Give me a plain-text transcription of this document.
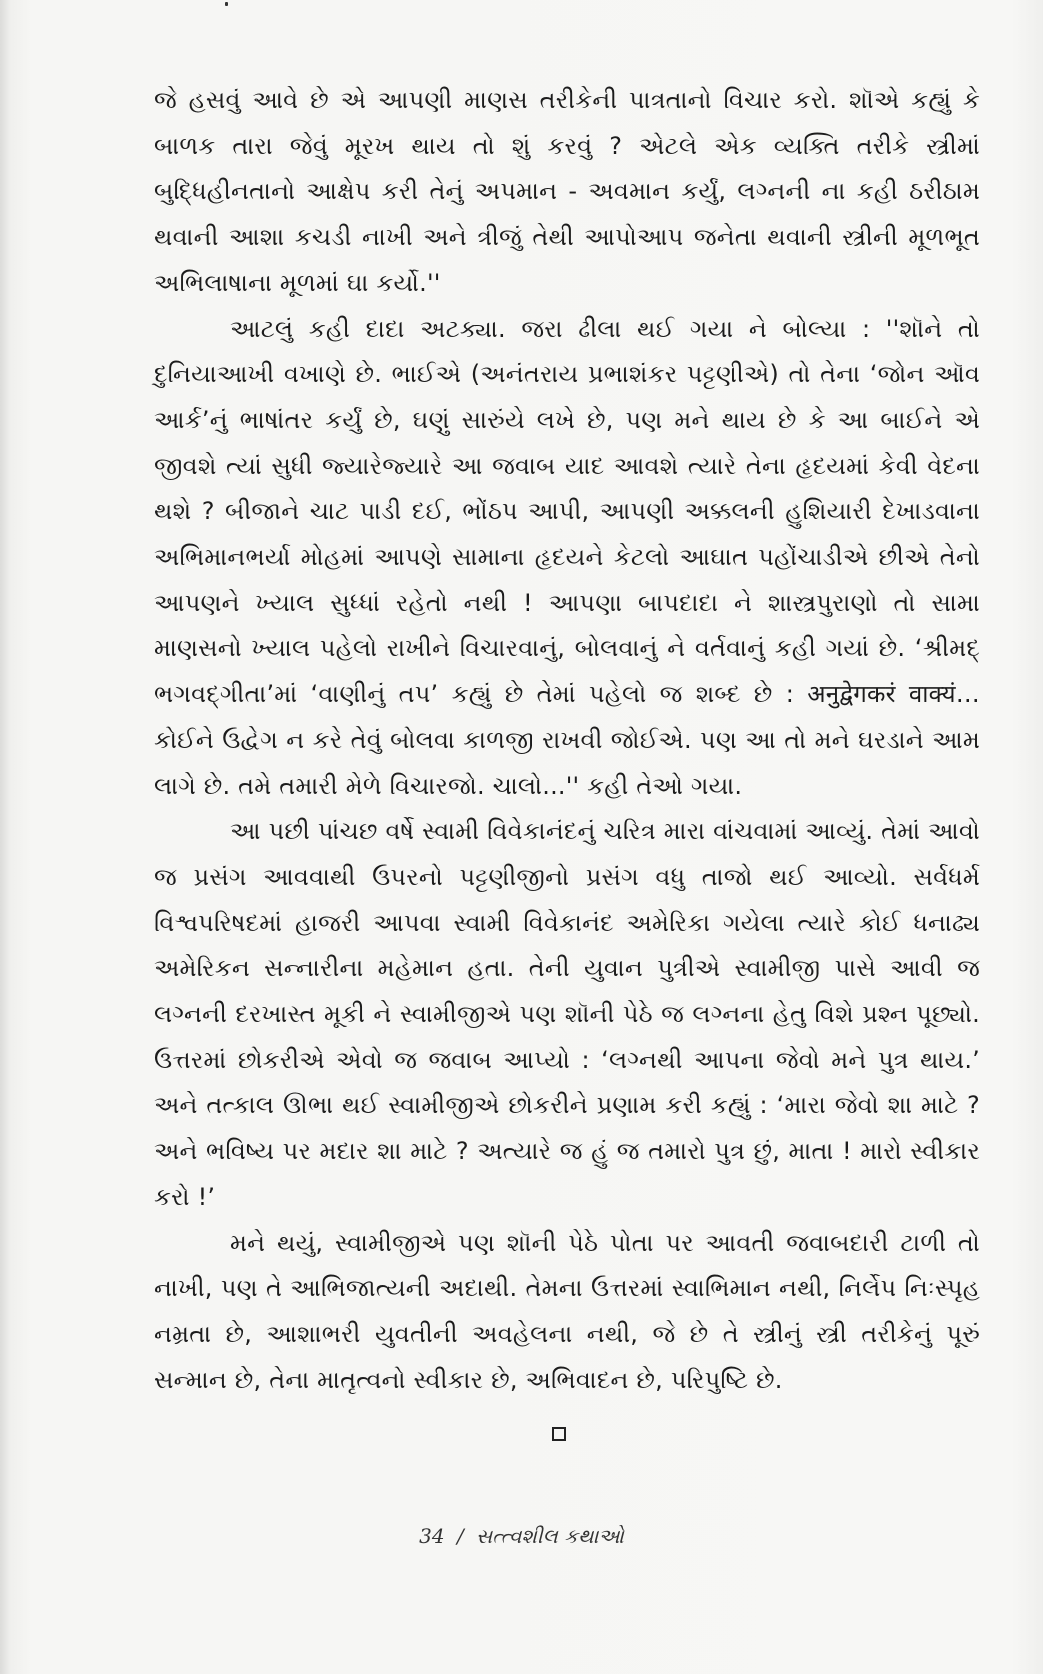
જે હસવું આવે છે એ આપણી માણસ તરીકેની પાત્રતાનો વિચાર કરો. શૉએ કહ્યું કે બાળક તારા જેવું મૂરખ થાય તો શું કરવું ? એટલે એક વ્યક્તિ તરીકે સ્ત્રીમાં બુદ્ધિહીનતાનો આક્ષેપ કરી તેનું અપમાન - અવમાન કર્યું, લગ્નની ના કહી ઠરીઠામ થવાની આશા કચડી નાખી અને ત્રીજું તેથી આપોઆપ જનેતા થવાની સ્ત્રીની મૂળભૂત અભિલાષાના મૂળમાં ઘા કર્યો.''

આટલું કહી દાદા અટક્યા. જરા ઢીલા થઈ ગયા ને બોલ્યા : ''શૉને તો દુનિયાઆખી વખાણે છે. ભાઈએ (અનંતરાય પ્રભાશંકર પટ્ટણીએ) તો તેના ‘જોન ઑવ આર્ક’નું ભાષાંતર કર્યું છે, ઘણું સારુંયે લખે છે, પણ મને થાય છે કે આ બાઈને એ જીવશે ત્યાં સુધી જ્યારેજ્યારે આ જવાબ યાદ આવશે ત્યારે તેના હૃદયમાં કેવી વેદના થશે ? બીજાને ચાટ પાડી દઈ, ભોંઠપ આપી, આપણી અક્કલની હુશિયારી દેખાડવાના અભિમાનભર્યા મોહમાં આપણે સામાના હૃદયને કેટલો આઘાત પહોંચાડીએ છીએ તેનો આપણને ખ્યાલ સુધ્ધાં રહેતો નથી ! આપણા બાપદાદા ને શાસ્ત્રપુરાણો તો સામા માણસનો ખ્યાલ પહેલો રાખીને વિચારવાનું, બોલવાનું ને વર્તવાનું કહી ગયાં છે. ‘શ્રીમદ્ ભગવદ્ગીતા’માં ‘વાણીનું તપ’ કહ્યું છે તેમાં પહેલો જ શબ્દ છે : अनुद्वेगकरं वाक्यं… કોઈને ઉદ્વેગ ન કરે તેવું બોલવા કાળજી રાખવી જોઈએ. પણ આ તો મને ઘરડાને આમ લાગે છે. તમે તમારી મેળે વિચારજો. ચાલો...'' કહી તેઓ ગયા.

આ પછી પાંચછ વર્ષે સ્વામી વિવેકાનંદનું ચરિત્ર મારા વાંચવામાં આવ્યું. તેમાં આવો જ પ્રસંગ આવવાથી ઉપરનો પટ્ટણીજીનો પ્રસંગ વધુ તાજો થઈ આવ્યો. સર્વધર્મ વિશ્વપરિષદમાં હાજરી આપવા સ્વામી વિવેકાનંદ અમેરિકા ગયેલા ત્યારે કોઈ ધનાઢ્ય અમેરિકન સન્નારીના મહેમાન હતા. તેની યુવાન પુત્રીએ સ્વામીજી પાસે આવી જ લગ્નની દરખાસ્ત મૂકી ને સ્વામીજીએ પણ શૉની પેઠે જ લગ્નના હેતુ વિશે પ્રશ્ન પૂછ્યો. ઉત્તરમાં છોકરીએ એવો જ જવાબ આપ્યો : ‘લગ્નથી આપના જેવો મને પુત્ર થાય.’ અને તત્કાલ ઊભા થઈ સ્વામીજીએ છોકરીને પ્રણામ કરી કહ્યું : ‘મારા જેવો શા માટે ? અને ભવિષ્ય પર મદાર શા માટે ? અત્યારે જ હું જ તમારો પુત્ર છું, માતા ! મારો સ્વીકાર કરો !’

મને થયું, સ્વામીજીએ પણ શૉની પેઠે પોતા પર આવતી જવાબદારી ટાળી તો નાખી, પણ તે આભિજાત્યની અદાથી. તેમના ઉત્તરમાં સ્વાભિમાન નથી, નિર્લેપ નિઃસ્પૃહ નમ્રતા છે, આશાભરી યુવતીની અવહેલના નથી, જે છે તે સ્ત્રીનું સ્ત્રી તરીકેનું પૂરું સન્માન છે, તેના માતૃત્વનો સ્વીકાર છે, અભિવાદન છે, પરિપુષ્ટિ છે.

34 / સત્ત્વશીલ કથાઓ
